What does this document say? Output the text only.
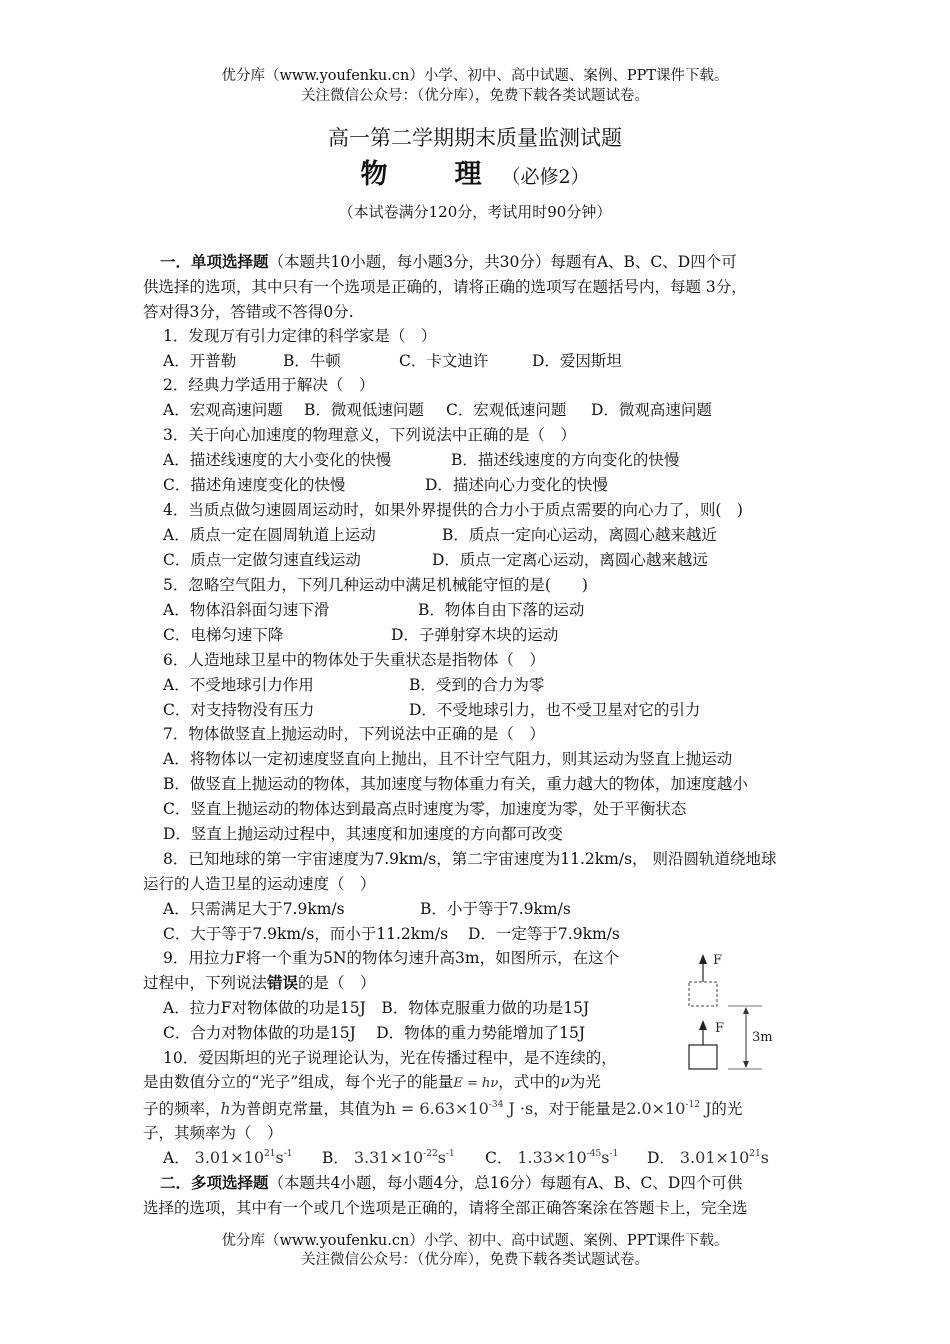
优分库（www.youfenku.cn）小学、初中、高中试题、案例、PPT课件下载。
关注微信公众号：（优分库），免费下载各类试题试卷。
高一第二学期期末质量监测试题
物　理（必修2）
（本试卷满分120分，考试用时90分钟）
一．单项选择题（本题共10小题，每小题3分，共30分）每题有A、B、C、D四个可
供选择的选项，其中只有一个选项是正确的，请将正确的选项写在题括号内，每题 3分，
答对得3分，答错或不答得0分.
1．发现万有引力定律的科学家是（　）
A．开普勒	B．牛顿	C．卡文迪许	D．爱因斯坦
2．经典力学适用于解决（　）
A．宏观高速问题 B．微观低速问题 C．宏观低速问题 D．微观高速问题
3．关于向心加速度的物理意义，下列说法中正确的是（　）
A．描述线速度的大小变化的快慢	B．描述线速度的方向变化的快慢
C．描述角速度变化的快慢	D．描述向心力变化的快慢
4．当质点做匀速圆周运动时，如果外界提供的合力小于质点需要的向心力了，则(　)
A．质点一定在圆周轨道上运动	B．质点一定向心运动，离圆心越来越近
C．质点一定做匀速直线运动	D．质点一定离心运动，离圆心越来越远
5．忽略空气阻力，下列几种运动中满足机械能守恒的是(　　)
A．物体沿斜面匀速下滑	B．物体自由下落的运动
C．电梯匀速下降	D．子弹射穿木块的运动
6．人造地球卫星中的物体处于失重状态是指物体（　）
A．不受地球引力作用	B．受到的合力为零
C．对支持物没有压力	D．不受地球引力，也不受卫星对它的引力
7．物体做竖直上抛运动时，下列说法中正确的是（　）
A．将物体以一定初速度竖直向上抛出，且不计空气阻力，则其运动为竖直上抛运动
B．做竖直上抛运动的物体，其加速度与物体重力有关，重力越大的物体，加速度越小
C．竖直上抛运动的物体达到最高点时速度为零，加速度为零，处于平衡状态
D．竖直上抛运动过程中，其速度和加速度的方向都可改变
8．已知地球的第一宇宙速度为7.9km/s，第二宇宙速度为11.2km/s， 则沿圆轨道绕地球
运行的人造卫星的运动速度（　）
A．只需满足大于7.9km/s	B．小于等于7.9km/s
C．大于等于7.9km/s，而小于11.2km/s D．一定等于7.9km/s
9．用拉力F将一个重为5N的物体匀速升高3m，如图所示，在这个
过程中，下列说法错误的是（　）
A．拉力F对物体做的功是15J　B．物体克服重力做的功是15J
C．合力对物体做的功是15J　 D．物体的重力势能增加了15J
F
F
3m
10．爱因斯坦的光子说理论认为，光在传播过程中，是不连续的，
是由数值分立的“光子”组成，每个光子的能量E = hν，式中的ν为光
子的频率，h为普朗克常量，其值为$h = 6.63\times 10^{-34}$ J ·s，对于能量是$2.0\times 10^{-12}$ J的光
子，其频率为（　）
A． $3.01\times 10^{21}s^{-1}$ B． $3.31\times 10^{-22}s^{-1}$ C． $1.33\times 10^{-45}s^{-1}$ D． $3.01\times 10^{21}s$
二．多项选择题（本题共4小题，每小题4分，总16分）每题有A、B、C、D四个可供
选择的选项，其中有一个或几个选项是正确的，请将全部正确答案涂在答题卡上，完全选
优分库（www.youfenku.cn）小学、初中、高中试题、案例、PPT课件下载。
关注微信公众号：（优分库），免费下载各类试题试卷。
